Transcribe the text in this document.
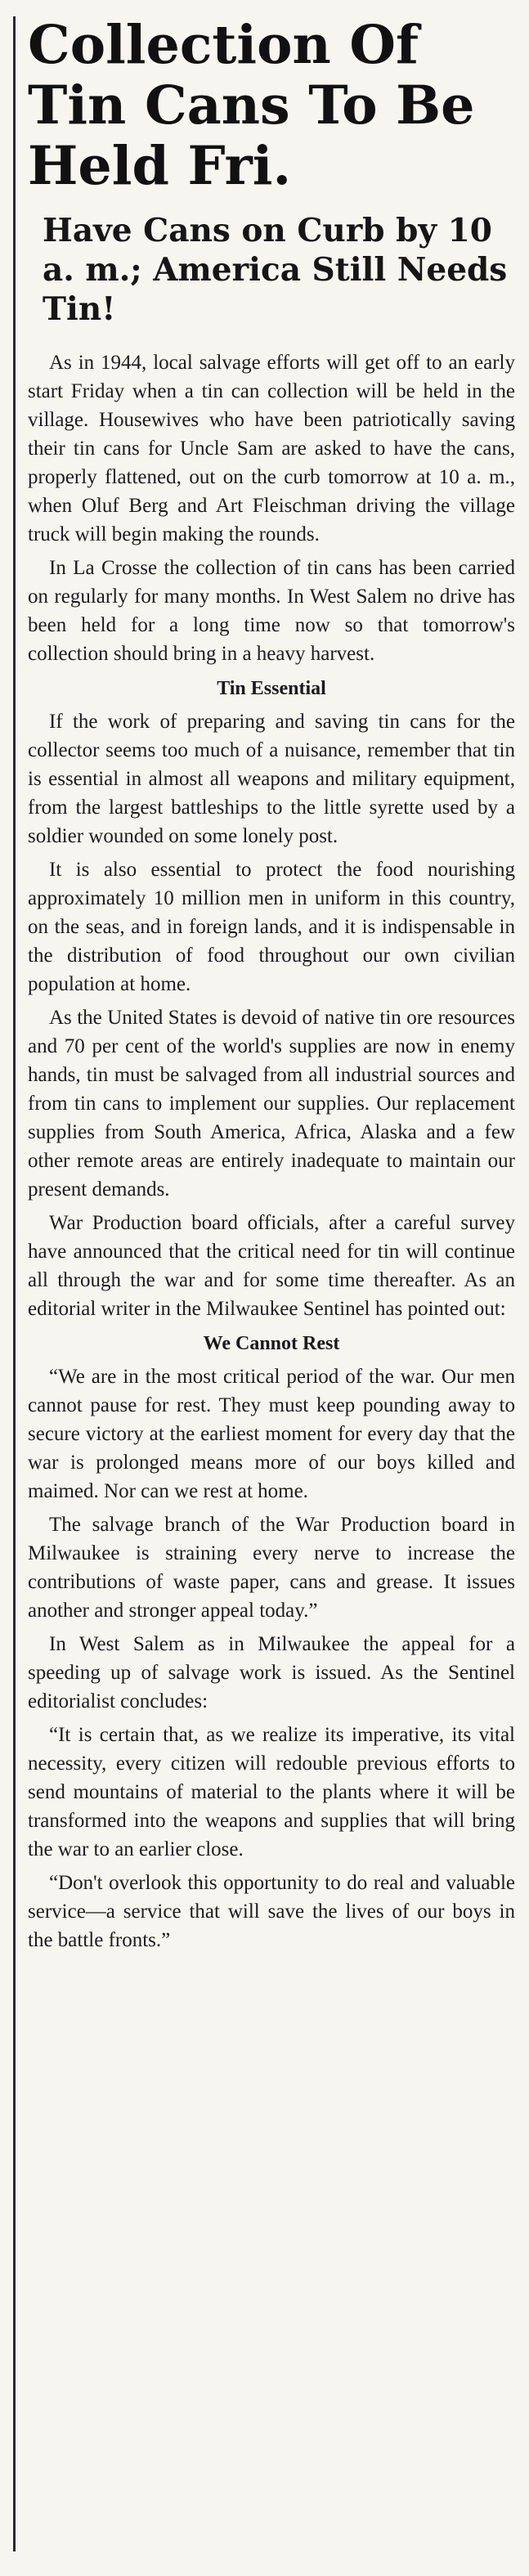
Collection Of Tin Cans To Be Held Fri.
Have Cans on Curb by 10 a. m.; America Still Needs Tin!

As in 1944, local salvage efforts will get off to an early start Friday when a tin can collection will be held in the village. Housewives who have been patriotically saving their tin cans for Uncle Sam are asked to have the cans, properly flattened, out on the curb tomorrow at 10 a. m., when Oluf Berg and Art Fleischman driving the village truck will begin making the rounds.

In La Crosse the collection of tin cans has been carried on regularly for many months. In West Salem no drive has been held for a long time now so that tomorrow's collection should bring in a heavy harvest.

Tin Essential

If the work of preparing and saving tin cans for the collector seems too much of a nuisance, remember that tin is essential in almost all weapons and military equipment, from the largest battleships to the little syrette used by a soldier wounded on some lonely post.

It is also essential to protect the food nourishing approximately 10 million men in uniform in this country, on the seas, and in foreign lands, and it is indispensable in the distribution of food throughout our own civilian population at home.

As the United States is devoid of native tin ore resources and 70 per cent of the world's supplies are now in enemy hands, tin must be salvaged from all industrial sources and from tin cans to implement our supplies. Our replacement supplies from South America, Africa, Alaska and a few other remote areas are entirely inadequate to maintain our present demands.

War Production board officials, after a careful survey have announced that the critical need for tin will continue all through the war and for some time thereafter. As an editorial writer in the Milwaukee Sentinel has pointed out:

We Cannot Rest

“We are in the most critical period of the war. Our men cannot pause for rest. They must keep pounding away to secure victory at the earliest moment for every day that the war is prolonged means more of our boys killed and maimed. Nor can we rest at home.

The salvage branch of the War Production board in Milwaukee is straining every nerve to increase the contributions of waste paper, cans and grease. It issues another and stronger appeal today.”

In West Salem as in Milwaukee the appeal for a speeding up of salvage work is issued. As the Sentinel editorialist concludes:

“It is certain that, as we realize its imperative, its vital necessity, every citizen will redouble previous efforts to send mountains of material to the plants where it will be transformed into the weapons and supplies that will bring the war to an earlier close.

“Don't overlook this opportunity to do real and valuable service—a service that will save the lives of our boys in the battle fronts.”
